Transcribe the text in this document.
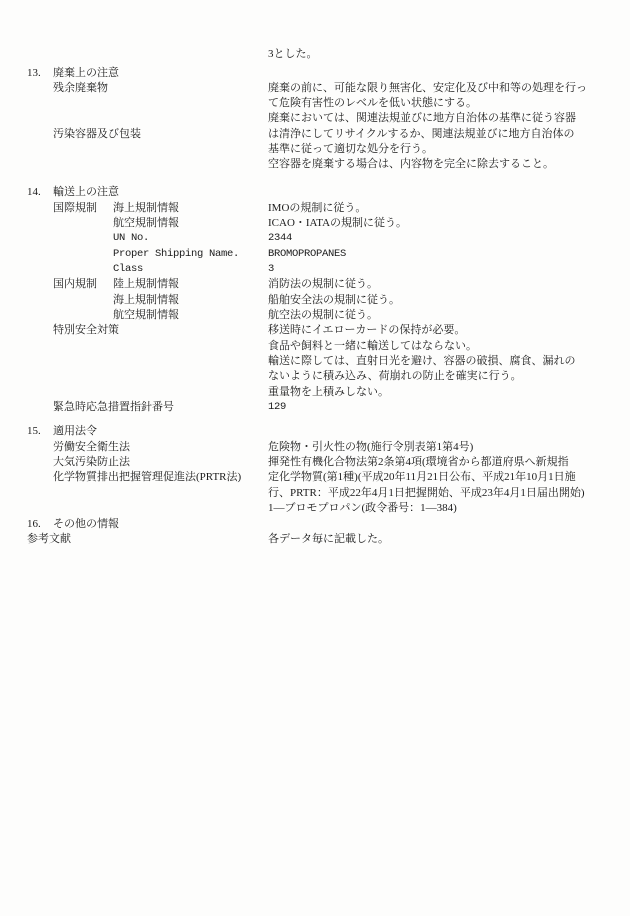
3とした。
13. 廃棄上の注意
残余廃棄物	廃棄の前に、可能な限り無害化、安定化及び中和等の処理を行っ
て危険有害性のレベルを低い状態にする。
廃棄においては、関連法規並びに地方自治体の基準に従う容器
汚染容器及び包装	は清浄にしてリサイクルするか、関連法規並びに地方自治体の
基準に従って適切な処分を行う。
空容器を廃棄する場合は、内容物を完全に除去すること。
14. 輸送上の注意
国際規制 海上規制情報	IMOの規制に従う。
航空規制情報	ICAO・IATAの規制に従う。
UN No.	2344
Proper Shipping Name.	BROMOPROPANES
Class	3
国内規制 陸上規制情報	消防法の規制に従う。
海上規制情報	船舶安全法の規制に従う。
航空規制情報	航空法の規制に従う。
特別安全対策	移送時にイエローカードの保持が必要。
食品や飼料と一緒に輸送してはならない。
輸送に際しては、直射日光を避け、容器の破損、腐食、漏れの
ないように積み込み、荷崩れの防止を確実に行う。
重量物を上積みしない。
緊急時応急措置指針番号	129
15. 適用法令
労働安全衛生法	危険物・引火性の物(施行令別表第1第4号)
大気汚染防止法	揮発性有機化合物法第2条第4項(環境省から都道府県へ新規指
化学物質排出把握管理促進法(PRTR法) 定化学物質(第1種)(平成20年11月21日公布、平成21年10月1日施
行、PRTR：平成22年4月1日把握開始、平成23年4月1日届出開始)
1―ブロモプロパン(政令番号：1―384)
16. その他の情報
参考文献	各データ毎に記載した。
